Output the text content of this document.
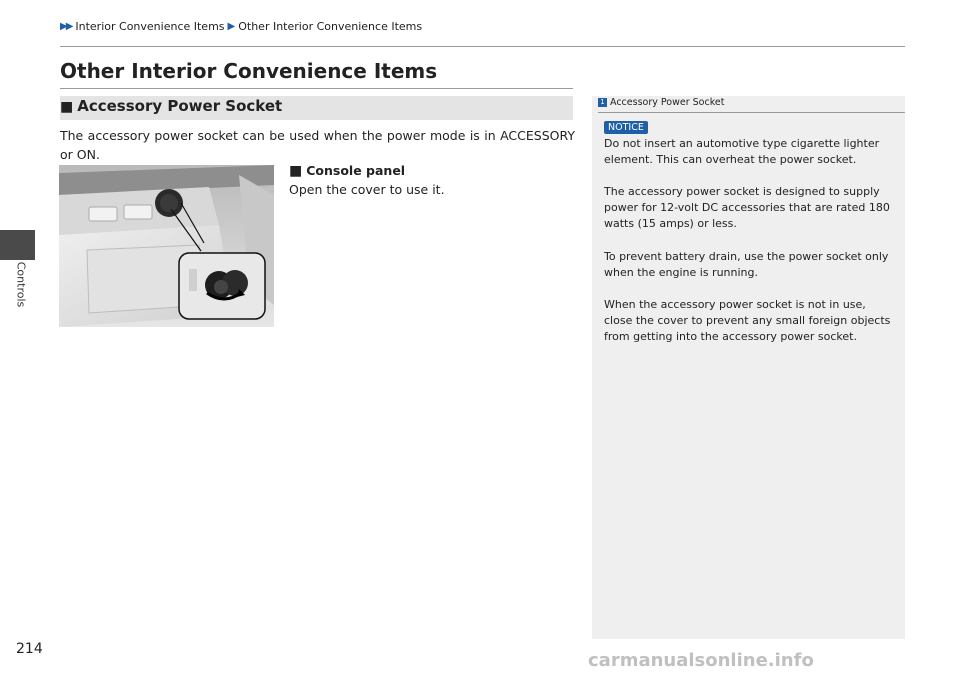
▶▶ Interior Convenience Items ▶ Other Interior Convenience Items
Controls
Other Interior Convenience Items
■ Accessory Power Socket
The accessory power socket can be used when the power mode is in ACCESSORY or ON.
■ Console panel
Open the cover to use it.
1 Accessory Power Socket
NOTICE
Do not insert an automotive type cigarette lighter element. This can overheat the power socket.
The accessory power socket is designed to supply power for 12-volt DC accessories that are rated 180 watts (15 amps) or less.
To prevent battery drain, use the power socket only when the engine is running.
When the accessory power socket is not in use, close the cover to prevent any small foreign objects from getting into the accessory power socket.
214
carmanualsonline.info
